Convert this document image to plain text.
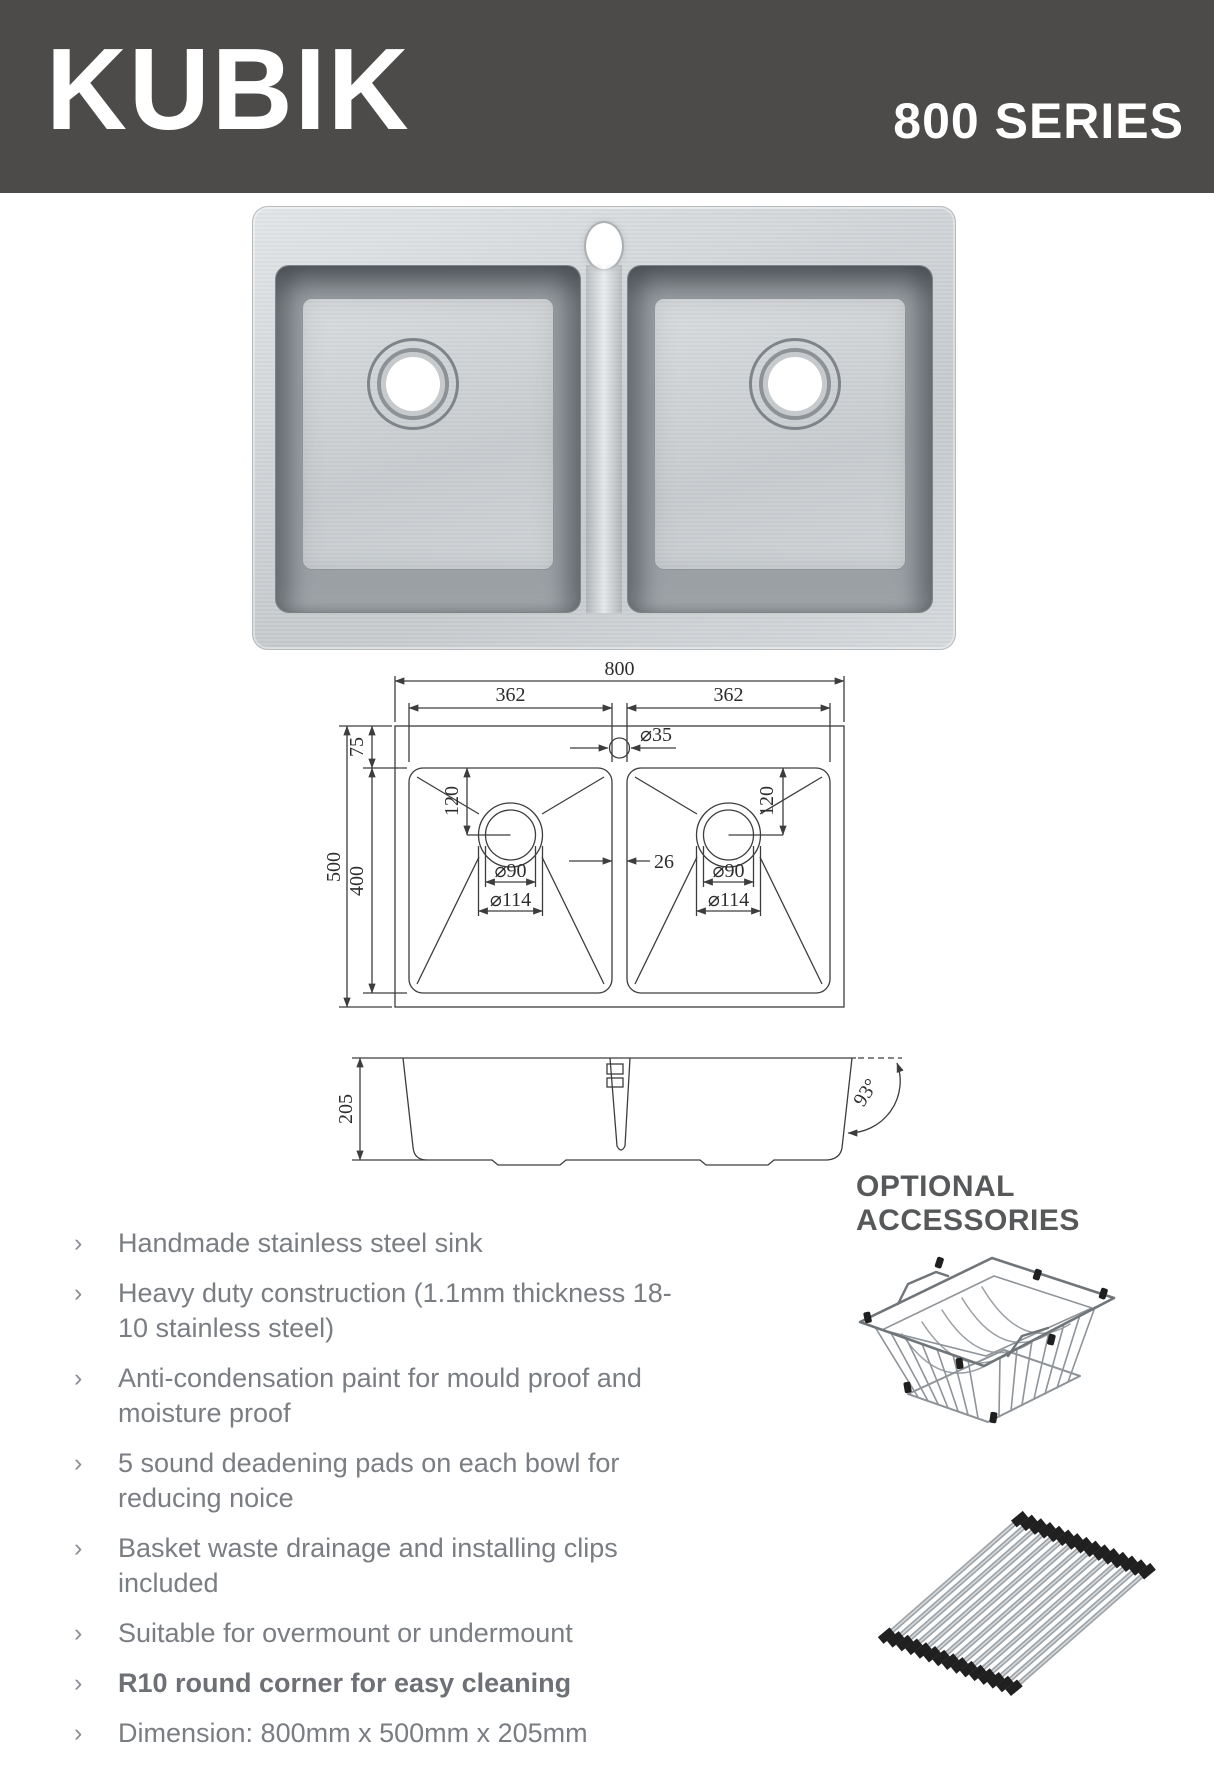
KUBIK	800 SERIES
800
362	362
⌀35
75
500 400
120	120
26
⌀90
⌀114
⌀90
⌀114
205	93°
OPTIONAL ACCESSORIES
›	Handmade stainless steel sink
›	Heavy duty construction (1.1mm thickness 18-
10 stainless steel)
›	Anti-condensation paint for mould proof and
moisture proof
›	5 sound deadening pads on each bowl for
reducing noice
›	Basket waste drainage and installing clips
included
›	Suitable for overmount or undermount
›	R10 round corner for easy cleaning
›	Dimension: 800mm x 500mm x 205mm
